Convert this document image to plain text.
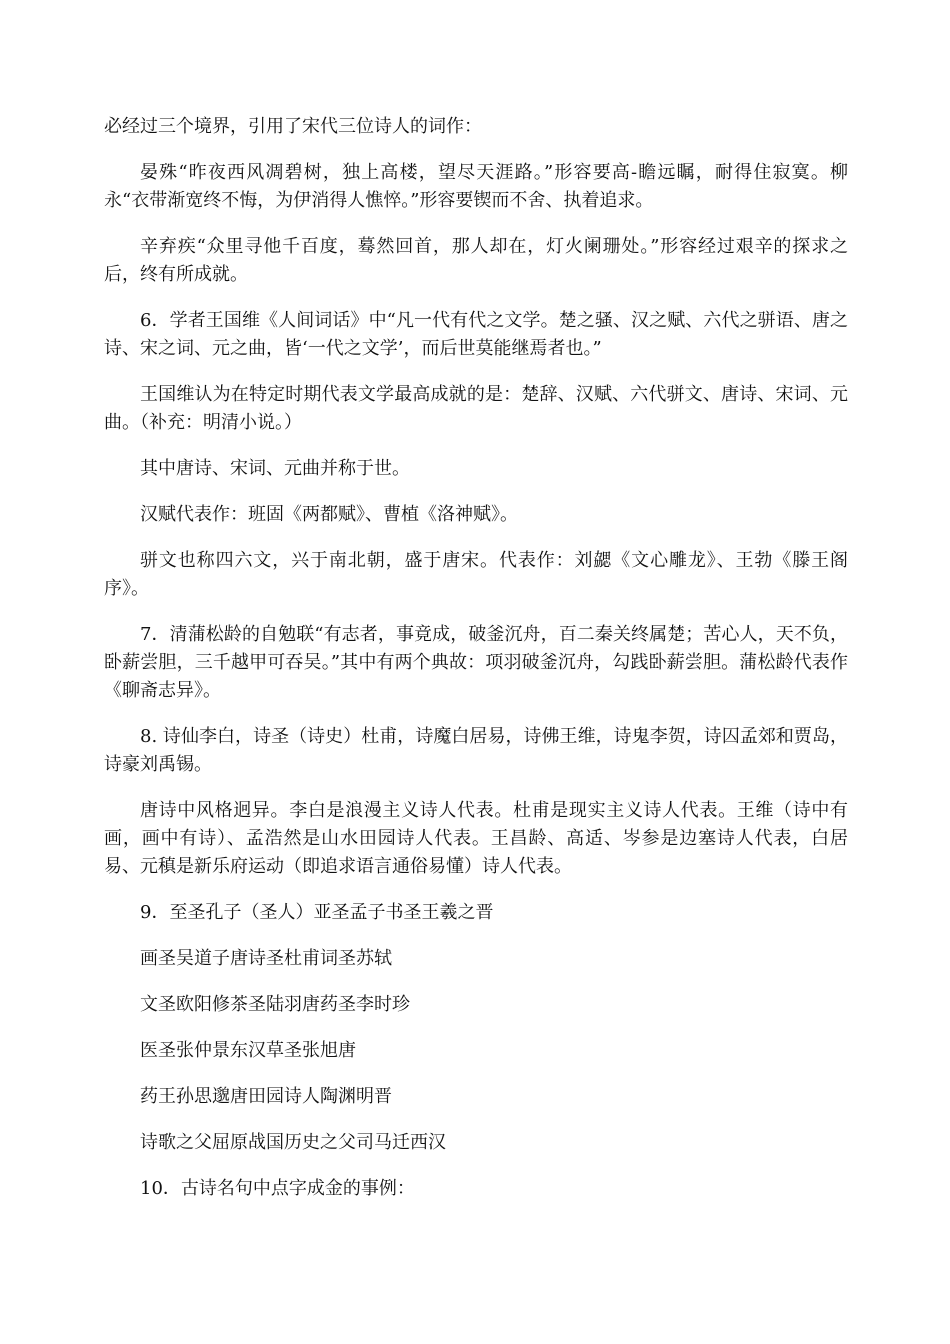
必经过三个境界，引用了宋代三位诗人的词作：

晏殊“昨夜西风凋碧树，独上高楼，望尽天涯路。”形容要高-瞻远瞩，耐得住寂寞。柳永“衣带渐宽终不悔，为伊消得人憔悴。”形容要锲而不舍、执着追求。

辛弃疾“众里寻他千百度，蓦然回首，那人却在，灯火阑珊处。”形容经过艰辛的探求之后，终有所成就。

6．学者王国维《人间词话》中“凡一代有代之文学。楚之骚、汉之赋、六代之骈语、唐之诗、宋之词、元之曲，皆‘一代之文学’，而后世莫能继焉者也。”

王国维认为在特定时期代表文学最高成就的是：楚辞、汉赋、六代骈文、唐诗、宋词、元曲。（补充：明清小说。）

其中唐诗、宋词、元曲并称于世。

汉赋代表作：班固《两都赋》、曹植《洛神赋》。

骈文也称四六文，兴于南北朝，盛于唐宋。代表作：刘勰《文心雕龙》、王勃《滕王阁序》。

7．清蒲松龄的自勉联“有志者，事竟成，破釜沉舟，百二秦关终属楚；苦心人，天不负，卧薪尝胆，三千越甲可吞吴。”其中有两个典故：项羽破釜沉舟，勾践卧薪尝胆。蒲松龄代表作《聊斋志异》。

8. 诗仙李白，诗圣（诗史）杜甫，诗魔白居易，诗佛王维，诗鬼李贺，诗囚孟郊和贾岛，诗豪刘禹锡。

唐诗中风格迥异。李白是浪漫主义诗人代表。杜甫是现实主义诗人代表。王维（诗中有画，画中有诗）、孟浩然是山水田园诗人代表。王昌龄、高适、岑参是边塞诗人代表，白居易、元稹是新乐府运动（即追求语言通俗易懂）诗人代表。

9．至圣孔子（圣人）亚圣孟子书圣王羲之晋

画圣吴道子唐诗圣杜甫词圣苏轼

文圣欧阳修茶圣陆羽唐药圣李时珍

医圣张仲景东汉草圣张旭唐

药王孙思邈唐田园诗人陶渊明晋

诗歌之父屈原战国历史之父司马迁西汉

10．古诗名句中点字成金的事例：
